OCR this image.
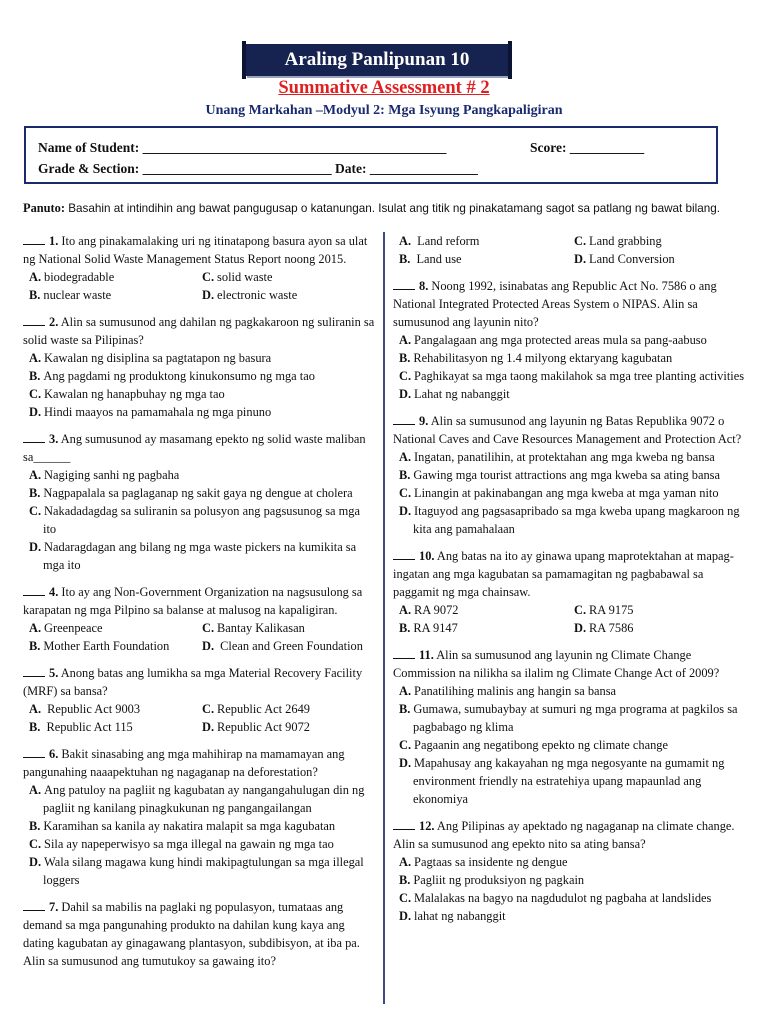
Araling Panlipunan 10
Summative Assessment # 2
Unang Markahan –Modyul 2: Mga Isyung Pangkapaligiran
Name of Student: _____________________________________________	Score: ___________
Grade & Section: ____________________________ Date: ________________
Panuto: Basahin at intindihin ang bawat pangugusap o katanungan. Isulat ang titik ng pinakatamang sagot sa patlang ng bawat bilang.
1. Ito ang pinakamalaking uri ng itinatapong basura ayon sa ulat ng National Solid Waste Management Status Report noong 2015.
A. biodegradable	C. solid waste
B. nuclear waste	D. electronic waste
2. Alin sa sumusunod ang dahilan ng pagkakaroon ng suliranin sa solid waste sa Pilipinas?
A. Kawalan ng disiplina sa pagtatapon ng basura
B. Ang pagdami ng produktong kinukonsumo ng mga tao
C. Kawalan ng hanapbuhay ng mga tao
D. Hindi maayos na pamamahala ng mga pinuno
3. Ang sumusunod ay masamang epekto ng solid waste maliban sa______
A. Nagiging sanhi ng pagbaha
B. Nagpapalala sa paglaganap ng sakit gaya ng dengue at cholera
C. Nakadadagdag sa suliranin sa polusyon ang pagsusunog sa mga ito
D. Nadaragdagan ang bilang ng mga waste pickers na kumikita sa mga ito
4. Ito ay ang Non-Government Organization na nagsusulong sa karapatan ng mga Pilpino sa balanse at malusog na kapaligiran.
A. Greenpeace	C. Bantay Kalikasan
B. Mother Earth Foundation	D. Clean and Green Foundation
5. Anong batas ang lumikha sa mga Material Recovery Facility (MRF) sa bansa?
A. Republic Act 9003	C. Republic Act 2649
B. Republic Act 115	D. Republic Act 9072
6. Bakit sinasabing ang mga mahihirap na mamamayan ang pangunahing naaapektuhan ng nagaganap na deforestation?
A. Ang patuloy na pagliit ng kagubatan ay nangangahulugan din ng pagliit ng kanilang pinagkukunan ng pangangailangan
B. Karamihan sa kanila ay nakatira malapit sa mga kagubatan
C. Sila ay napeperwisyo sa mga illegal na gawain ng mga tao
D. Wala silang magawa kung hindi makipagtulungan sa mga illegal loggers
7. Dahil sa mabilis na paglaki ng populasyon, tumataas ang demand sa mga pangunahing produkto na dahilan kung kaya ang dating kagubatan ay ginagawang plantasyon, subdibisyon, at iba pa. Alin sa sumusunod ang tumutukoy sa gawaing ito?
A. Land reform	C. Land grabbing
B. Land use	D. Land Conversion
8. Noong 1992, isinabatas ang Republic Act No. 7586 o ang National Integrated Protected Areas System o NIPAS. Alin sa sumusunod ang layunin nito?
A. Pangalagaan ang mga protected areas mula sa pang-aabuso
B. Rehabilitasyon ng 1.4 milyong ektaryang kagubatan
C. Paghikayat sa mga taong makilahok sa mga tree planting activities
D. Lahat ng nabanggit
9. Alin sa sumusunod ang layunin ng Batas Republika 9072 o National Caves and Cave Resources Management and Protection Act?
A. Ingatan, panatilihin, at protektahan ang mga kweba ng bansa
B. Gawing mga tourist attractions ang mga kweba sa ating bansa
C. Linangin at pakinabangan ang mga kweba at mga yaman nito
D. Itaguyod ang pagsasapribado sa mga kweba upang magkaroon ng kita ang pamahalaan
10. Ang batas na ito ay ginawa upang maprotektahan at mapag-ingatan ang mga kagubatan sa pamamagitan ng pagbabawal sa paggamit ng mga chainsaw.
A. RA 9072	C. RA 9175
B. RA 9147	D. RA 7586
11. Alin sa sumusunod ang layunin ng Climate Change Commission na nilikha sa ilalim ng Climate Change Act of 2009?
A. Panatilihing malinis ang hangin sa bansa
B. Gumawa, sumubaybay at sumuri ng mga programa at pagkilos sa pagbabago ng klima
C. Pagaanin ang negatibong epekto ng climate change
D. Mapahusay ang kakayahan ng mga negosyante na gumamit ng environment friendly na estratehiya upang mapaunlad ang ekonomiya
12. Ang Pilipinas ay apektado ng nagaganap na climate change. Alin sa sumusunod ang epekto nito sa ating bansa?
A. Pagtaas sa insidente ng dengue
B. Pagliit ng produksiyon ng pagkain
C. Malalakas na bagyo na nagdudulot ng pagbaha at landslides
D. lahat ng nabanggit
